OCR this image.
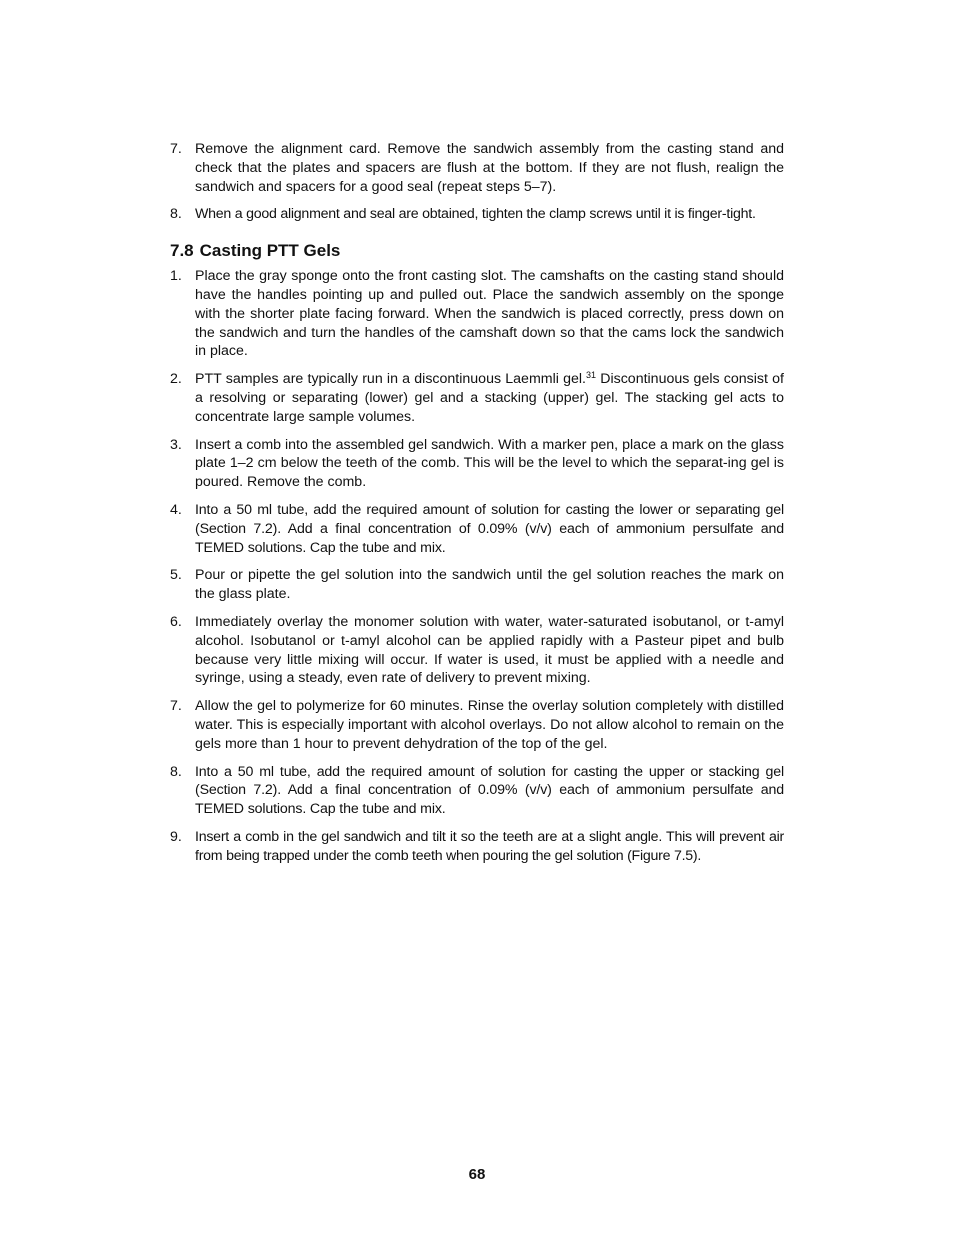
7. Remove the alignment card. Remove the sandwich assembly from the casting stand and check that the plates and spacers are flush at the bottom. If they are not flush, realign the sandwich and spacers for a good seal (repeat steps 5–7).
8. When a good alignment and seal are obtained, tighten the clamp screws until it is finger-tight.
7.8 Casting PTT Gels
1. Place the gray sponge onto the front casting slot. The camshafts on the casting stand should have the handles pointing up and pulled out. Place the sandwich assembly on the sponge with the shorter plate facing forward. When the sandwich is placed correctly, press down on the sandwich and turn the handles of the camshaft down so that the cams lock the sandwich in place.
2. PTT samples are typically run in a discontinuous Laemmli gel.$^{31}$ Discontinuous gels consist of a resolving or separating (lower) gel and a stacking (upper) gel. The stacking gel acts to concentrate large sample volumes.
3. Insert a comb into the assembled gel sandwich. With a marker pen, place a mark on the glass plate 1–2 cm below the teeth of the comb. This will be the level to which the separat-ing gel is poured. Remove the comb.
4. Into a 50 ml tube, add the required amount of solution for casting the lower or separating gel (Section 7.2). Add a final concentration of 0.09% (v/v) each of ammonium persulfate and TEMED solutions. Cap the tube and mix.
5. Pour or pipette the gel solution into the sandwich until the gel solution reaches the mark on the glass plate.
6. Immediately overlay the monomer solution with water, water-saturated isobutanol, or t-amyl alcohol. Isobutanol or t-amyl alcohol can be applied rapidly with a Pasteur pipet and bulb because very little mixing will occur. If water is used, it must be applied with a needle and syringe, using a steady, even rate of delivery to prevent mixing.
7. Allow the gel to polymerize for 60 minutes. Rinse the overlay solution completely with distilled water. This is especially important with alcohol overlays. Do not allow alcohol to remain on the gels more than 1 hour to prevent dehydration of the top of the gel.
8. Into a 50 ml tube, add the required amount of solution for casting the upper or stacking gel (Section 7.2). Add a final concentration of 0.09% (v/v) each of ammonium persulfate and TEMED solutions. Cap the tube and mix.
9. Insert a comb in the gel sandwich and tilt it so the teeth are at a slight angle. This will prevent air from being trapped under the comb teeth when pouring the gel solution (Figure 7.5).
68
